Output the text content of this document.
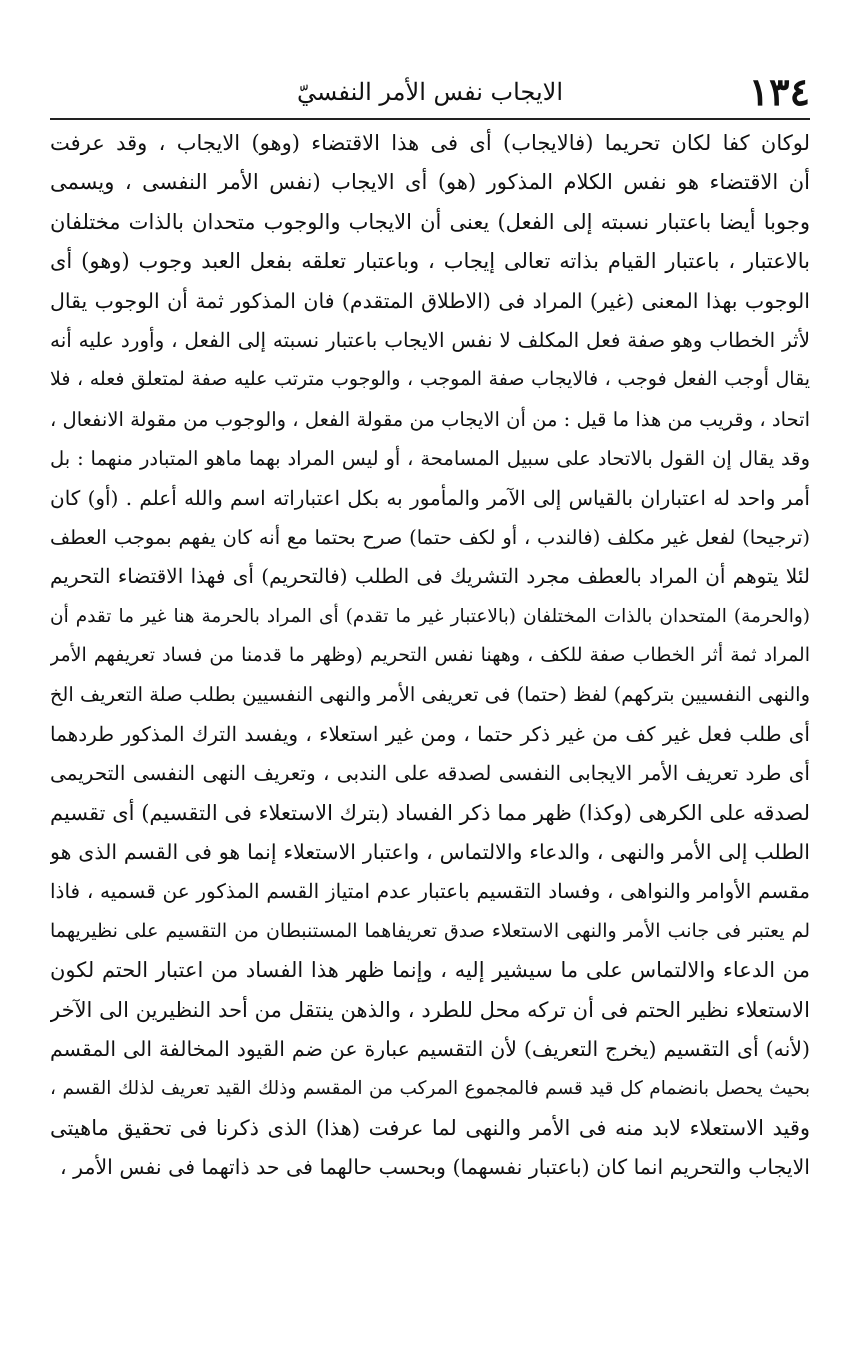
١٣٤
الايجاب نفس الأمر النفسيّ
لوكان كفا لكان تحريما (فالايجاب) أى فى هذا الاقتضاء (وهو) الايجاب ، وقد عرفت
أن الاقتضاء هو نفس الكلام المذكور (هو) أى الايجاب (نفس الأمر النفسى ، ويسمى
وجوبا أيضا باعتبار نسبته إلى الفعل) يعنى أن الايجاب والوجوب متحدان بالذات مختلفان
بالاعتبار ، باعتبار القيام بذاته تعالى إيجاب ، وباعتبار تعلقه بفعل العبد وجوب (وهو) أى
الوجوب بهذا المعنى (غير) المراد فى (الاطلاق المتقدم) فان المذكور ثمة أن الوجوب يقال
لأثر الخطاب وهو صفة فعل المكلف لا نفس الايجاب باعتبار نسبته إلى الفعل ، وأورد عليه أنه
يقال أوجب الفعل فوجب ، فالايجاب صفة الموجب ، والوجوب مترتب عليه صفة لمتعلق فعله ، فلا
اتحاد ، وقريب من هذا ما قيل : من أن الايجاب من مقولة الفعل ، والوجوب من مقولة الانفعال ،
وقد يقال إن القول بالاتحاد على سبيل المسامحة ، أو ليس المراد بهما ماهو المتبادر منهما : بل
أمر واحد له اعتباران بالقياس إلى الآمر والمأمور به بكل اعتباراته اسم والله أعلم . (أو) كان
(ترجيحا) لفعل غير مكلف (فالندب ، أو لكف حتما) صرح بحتما مع أنه كان يفهم بموجب العطف
لئلا يتوهم أن المراد بالعطف مجرد التشريك فى الطلب (فالتحريم) أى فهذا الاقتضاء التحريم
(والحرمة) المتحدان بالذات المختلفان (بالاعتبار غير ما تقدم) أى المراد بالحرمة هنا غير ما تقدم أن
المراد ثمة أثر الخطاب صفة للكف ، وههنا نفس التحريم (وظهر ما قدمنا من فساد تعريفهم الأمر
والنهى النفسيين بتركهم) لفظ (حتما) فى تعريفى الأمر والنهى النفسيين بطلب صلة التعريف الخ
أى طلب فعل غير كف من غير ذكر حتما ، ومن غير استعلاء ، ويفسد الترك المذكور طردهما
أى طرد تعريف الأمر الايجابى النفسى لصدقه على الندبى ، وتعريف النهى النفسى التحريمى
لصدقه على الكرهى (وكذا) ظهر مما ذكر الفساد (بترك الاستعلاء فى التقسيم) أى تقسيم
الطلب إلى الأمر والنهى ، والدعاء والالتماس ، واعتبار الاستعلاء إنما هو فى القسم الذى هو
مقسم الأوامر والنواهى ، وفساد التقسيم باعتبار عدم امتياز القسم المذكور عن قسميه ، فاذا
لم يعتبر فى جانب الأمر والنهى الاستعلاء صدق تعريفاهما المستنبطان من التقسيم على نظيريهما
من الدعاء والالتماس على ما سيشير إليه ، وإنما ظهر هذا الفساد من اعتبار الحتم لكون
الاستعلاء نظير الحتم فى أن تركه محل للطرد ، والذهن ينتقل من أحد النظيرين الى الآخر
(لأنه) أى التقسيم (يخرج التعريف) لأن التقسيم عبارة عن ضم القيود المخالفة الى المقسم
بحيث يحصل بانضمام كل قيد قسم فالمجموع المركب من المقسم وذلك القيد تعريف لذلك القسم ،
وقيد الاستعلاء لابد منه فى الأمر والنهى لما عرفت (هذا) الذى ذكرنا فى تحقيق ماهيتى
الايجاب والتحريم انما كان (باعتبار نفسهما) وبحسب حالهما فى حد ذاتهما فى نفس الأمر ،
